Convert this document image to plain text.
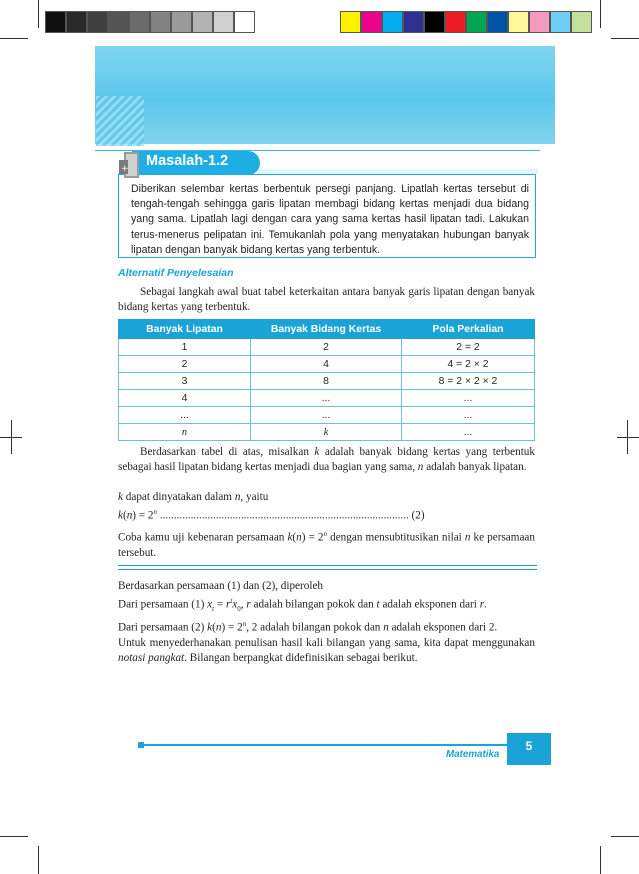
+ Masalah-1.2
Diberikan selembar kertas berbentuk persegi panjang. Lipatlah kertas tersebut di tengah-tengah sehingga garis lipatan membagi bidang kertas menjadi dua bidang yang sama. Lipatlah lagi dengan cara yang sama kertas hasil lipatan tadi. Lakukan terus-menerus pelipatan ini. Temukanlah pola yang menyatakan hubungan banyak lipatan dengan banyak bidang kertas yang terbentuk.
Alternatif Penyelesaian
Sebagai langkah awal buat tabel keterkaitan antara banyak garis lipatan dengan banyak bidang kertas yang terbentuk.
Banyak Lipatan	Banyak Bidang Kertas	Pola Perkalian
1	2	2 = 2
2	4	4 = 2 × 2
3	8	8 = 2 × 2 × 2
4	...	...
...	...	...
n	k	...
Berdasarkan tabel di atas, misalkan k adalah banyak bidang kertas yang terbentuk sebagai hasil lipatan bidang kertas menjadi dua bagian yang sama, n adalah banyak lipatan.
k dapat dinyatakan dalam n, yaitu
$k(n) = 2^n$ ......................................................................................... (2)
Coba kamu uji kebenaran persamaan $k(n) = 2^n$ dengan mensubtitusikan nilai n ke persamaan tersebut.
Berdasarkan persamaan (1) dan (2), diperoleh
Dari persamaan (1) $x_t = r^tx_0$, r adalah bilangan pokok dan t adalah eksponen dari r.
Dari persamaan (2) $k(n) = 2^n$, 2 adalah bilangan pokok dan n adalah eksponen dari 2.
Untuk menyederhanakan penulisan hasil kali bilangan yang sama, kita dapat menggunakan notasi pangkat. Bilangan berpangkat didefinisikan sebagai berikut.
Matematika
5
